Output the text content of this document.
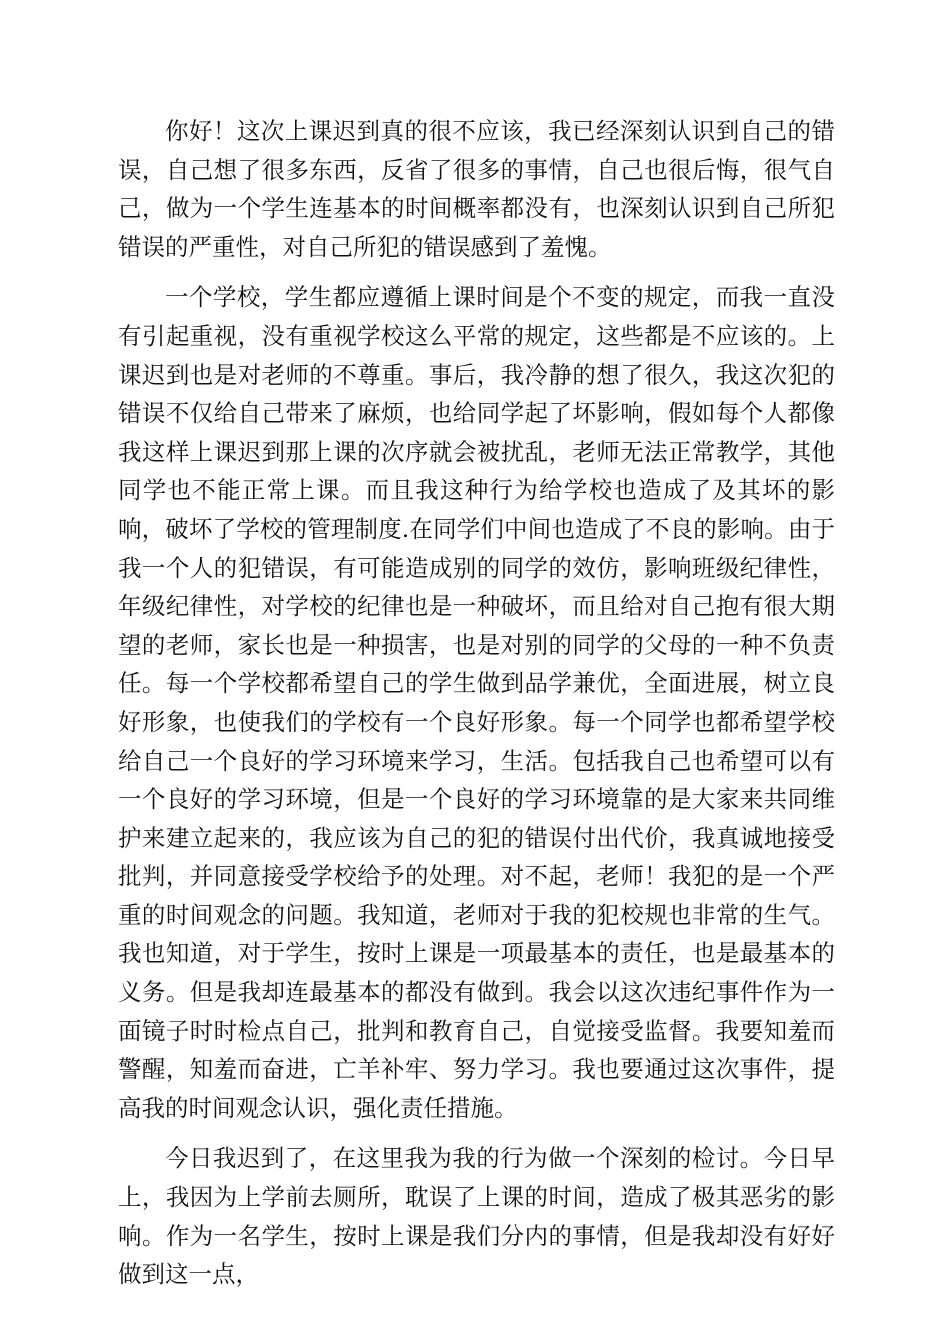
你好！这次上课迟到真的很不应该，我已经深刻认识到自己的错误，自己想了很多东西，反省了很多的事情，自己也很后悔，很气自己，做为一个学生连基本的时间概率都没有，也深刻认识到自己所犯错误的严重性，对自己所犯的错误感到了羞愧。

一个学校，学生都应遵循上课时间是个不变的规定，而我一直没有引起重视，没有重视学校这么平常的规定，这些都是不应该的。上课迟到也是对老师的不尊重。事后，我冷静的想了很久，我这次犯的错误不仅给自己带来了麻烦，也给同学起了坏影响，假如每个人都像我这样上课迟到那上课的次序就会被扰乱，老师无法正常教学，其他同学也不能正常上课。而且我这种行为给学校也造成了及其坏的影响，破坏了学校的管理制度.在同学们中间也造成了不良的影响。由于我一个人的犯错误，有可能造成别的同学的效仿，影响班级纪律性，年级纪律性，对学校的纪律也是一种破坏，而且给对自己抱有很大期望的老师，家长也是一种损害，也是对别的同学的父母的一种不负责任。每一个学校都希望自己的学生做到品学兼优，全面进展，树立良好形象，也使我们的学校有一个良好形象。每一个同学也都希望学校给自己一个良好的学习环境来学习，生活。包括我自己也希望可以有一个良好的学习环境，但是一个良好的学习环境靠的是大家来共同维护来建立起来的，我应该为自己的犯的错误付出代价，我真诚地接受批判，并同意接受学校给予的处理。对不起，老师！我犯的是一个严重的时间观念的问题。我知道，老师对于我的犯校规也非常的生气。我也知道，对于学生，按时上课是一项最基本的责任，也是最基本的义务。但是我却连最基本的都没有做到。我会以这次违纪事件作为一面镜子时时检点自己，批判和教育自己，自觉接受监督。我要知羞而警醒，知羞而奋进，亡羊补牢、努力学习。我也要通过这次事件，提高我的时间观念认识，强化责任措施。

今日我迟到了，在这里我为我的行为做一个深刻的检讨。今日早上，我因为上学前去厕所，耽误了上课的时间，造成了极其恶劣的影响。作为一名学生，按时上课是我们分内的事情，但是我却没有好好做到这一点，
